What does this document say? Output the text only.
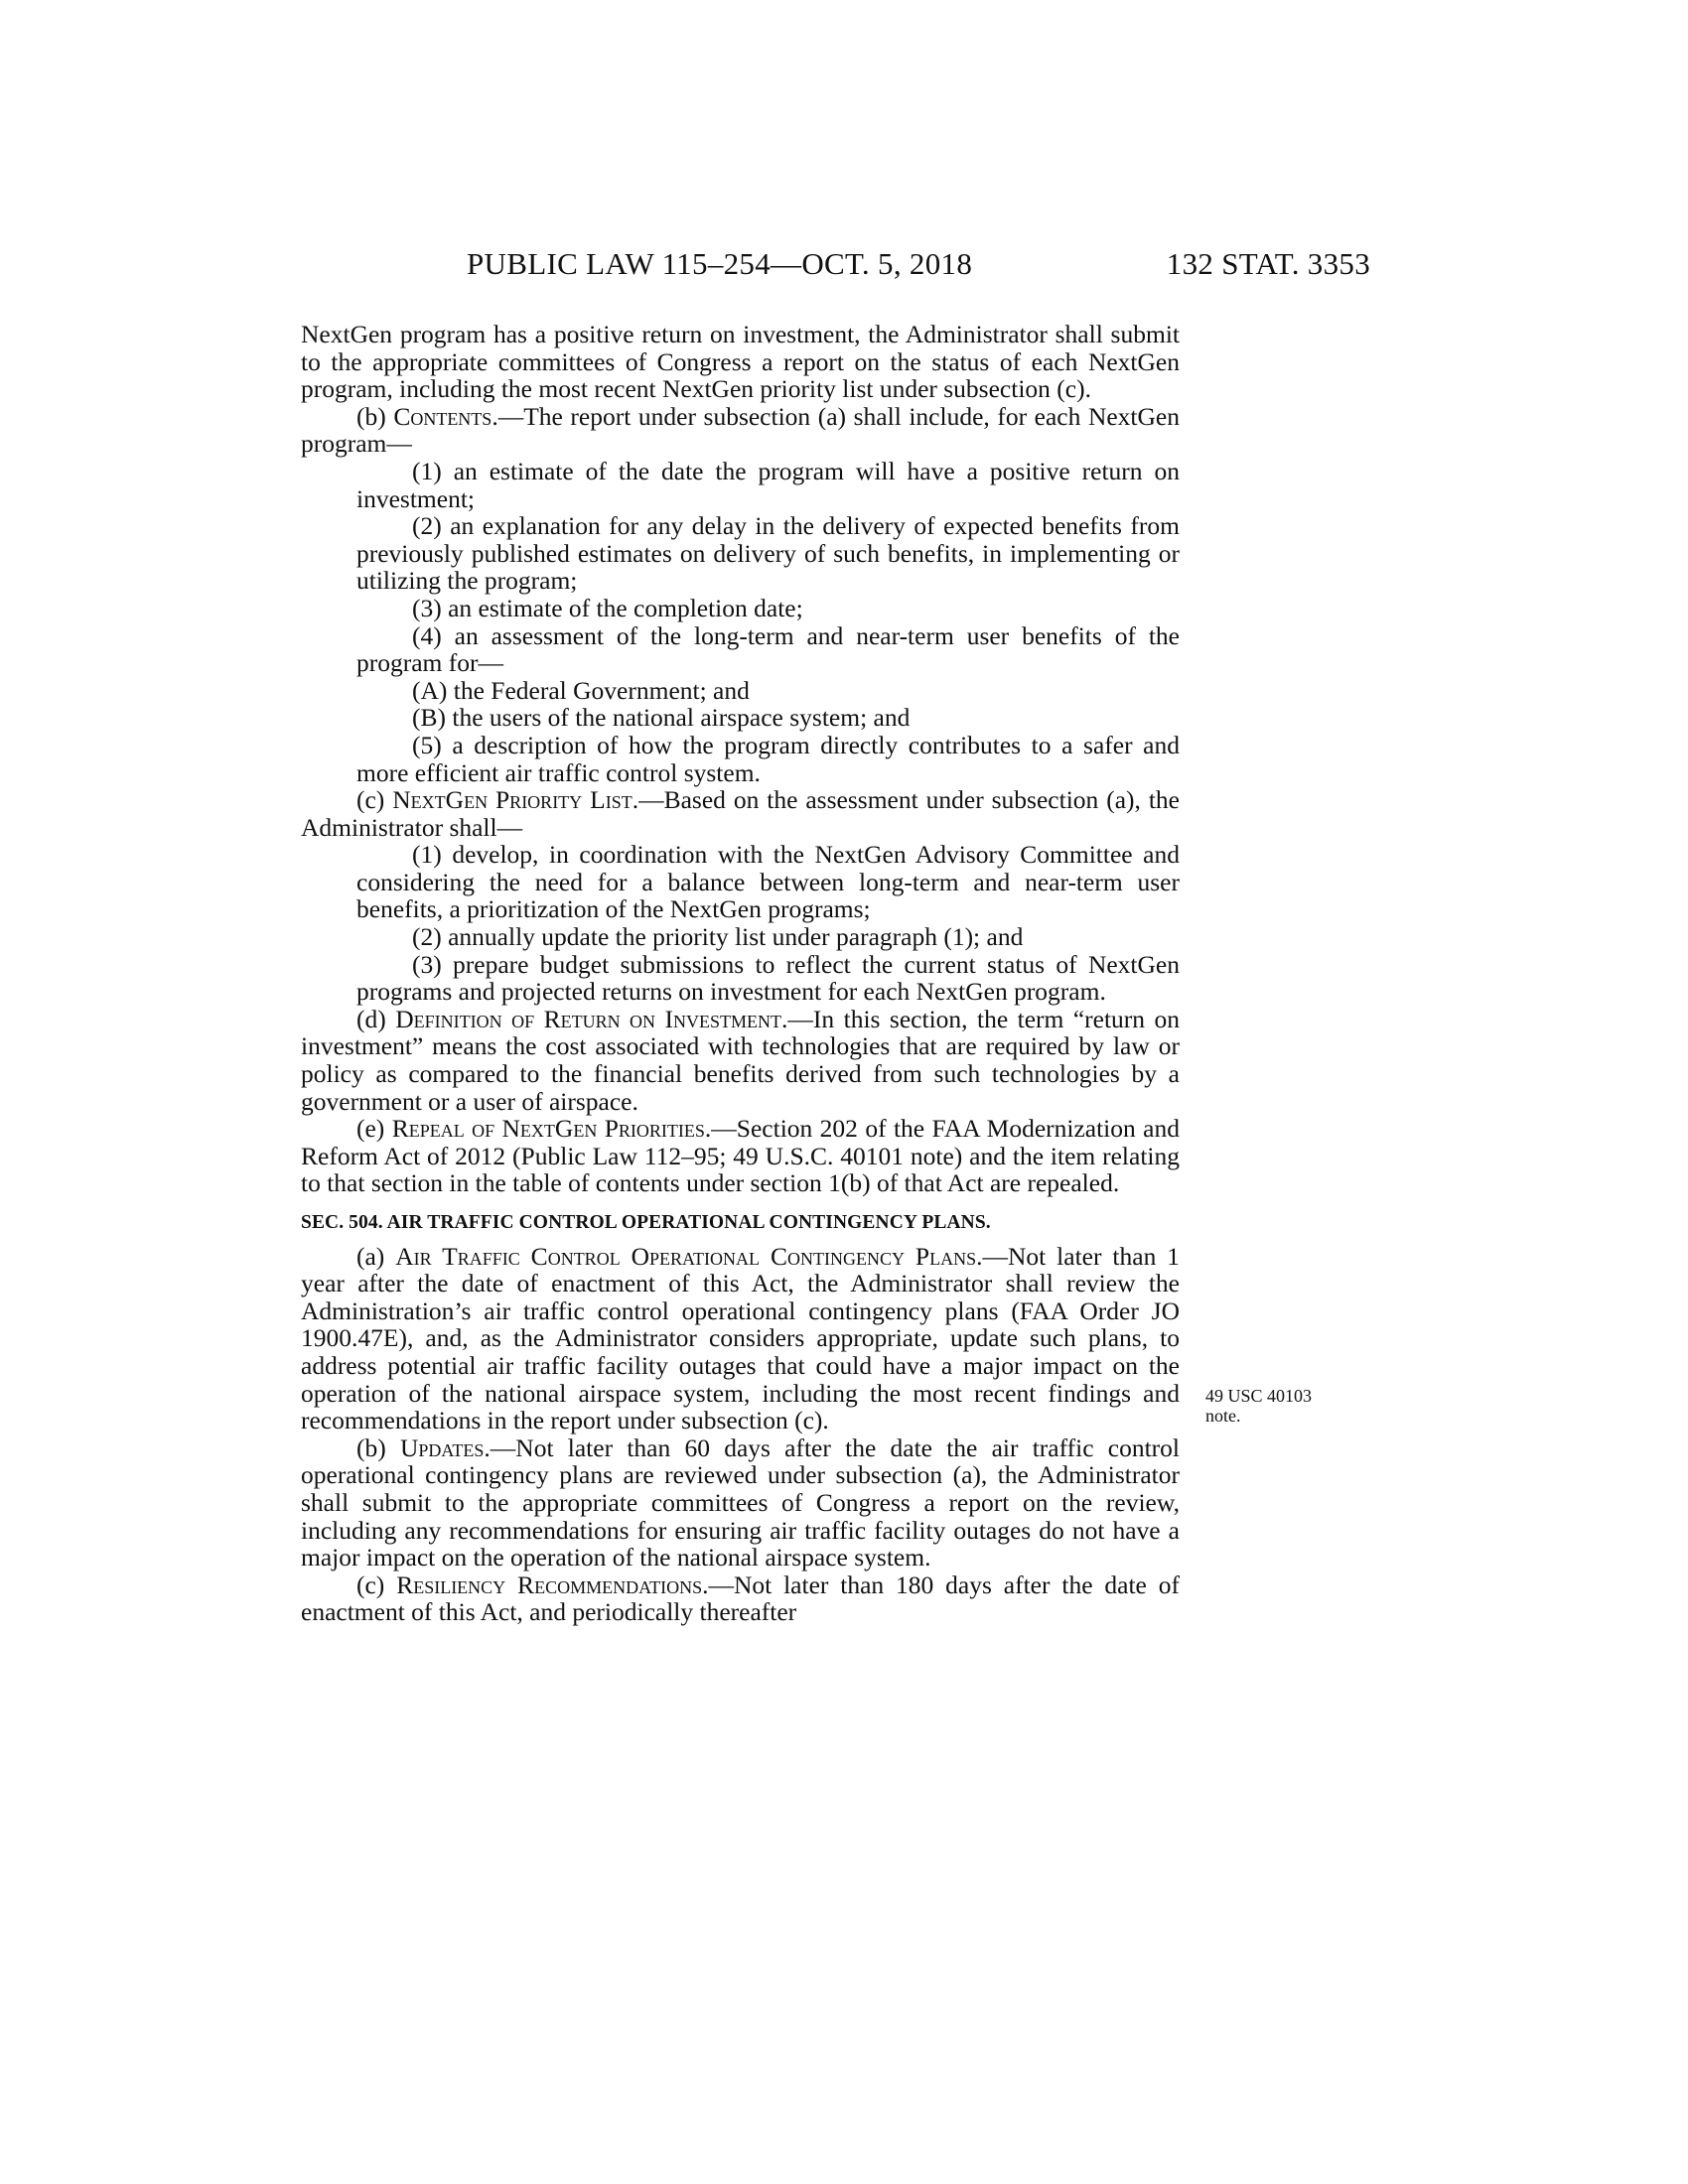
PUBLIC LAW 115–254—OCT. 5, 2018	132 STAT. 3353

NextGen program has a positive return on investment, the Administrator shall submit to the appropriate committees of Congress a report on the status of each NextGen program, including the most recent NextGen priority list under subsection (c).

(b) Contents.—The report under subsection (a) shall include, for each NextGen program—

(1) an estimate of the date the program will have a positive return on investment;

(2) an explanation for any delay in the delivery of expected benefits from previously published estimates on delivery of such benefits, in implementing or utilizing the program;

(3) an estimate of the completion date;

(4) an assessment of the long-term and near-term user benefits of the program for—

(A) the Federal Government; and
(B) the users of the national airspace system; and

(5) a description of how the program directly contributes to a safer and more efficient air traffic control system.

(c) NextGen Priority List.—Based on the assessment under subsection (a), the Administrator shall—

(1) develop, in coordination with the NextGen Advisory Committee and considering the need for a balance between long-term and near-term user benefits, a prioritization of the NextGen programs;

(2) annually update the priority list under paragraph (1); and

(3) prepare budget submissions to reflect the current status of NextGen programs and projected returns on investment for each NextGen program.

(d) Definition of Return on Investment.—In this section, the term “return on investment” means the cost associated with technologies that are required by law or policy as compared to the financial benefits derived from such technologies by a government or a user of airspace.

(e) Repeal of NextGen Priorities.—Section 202 of the FAA Modernization and Reform Act of 2012 (Public Law 112–95; 49 U.S.C. 40101 note) and the item relating to that section in the table of contents under section 1(b) of that Act are repealed.

SEC. 504. AIR TRAFFIC CONTROL OPERATIONAL CONTINGENCY PLANS.

(a) Air Traffic Control Operational Contingency Plans.—Not later than 1 year after the date of enactment of this Act, the Administrator shall review the Administration’s air traffic control operational contingency plans (FAA Order JO 1900.47E), and, as the Administrator considers appropriate, update such plans, to address potential air traffic facility outages that could have a major impact on the operation of the national airspace system, including the most recent findings and recommendations in the report under subsection (c).

(b) Updates.—Not later than 60 days after the date the air traffic control operational contingency plans are reviewed under subsection (a), the Administrator shall submit to the appropriate committees of Congress a report on the review, including any recommendations for ensuring air traffic facility outages do not have a major impact on the operation of the national airspace system.

(c) Resiliency Recommendations.—Not later than 180 days after the date of enactment of this Act, and periodically thereafter

49 USC 40103
note.
